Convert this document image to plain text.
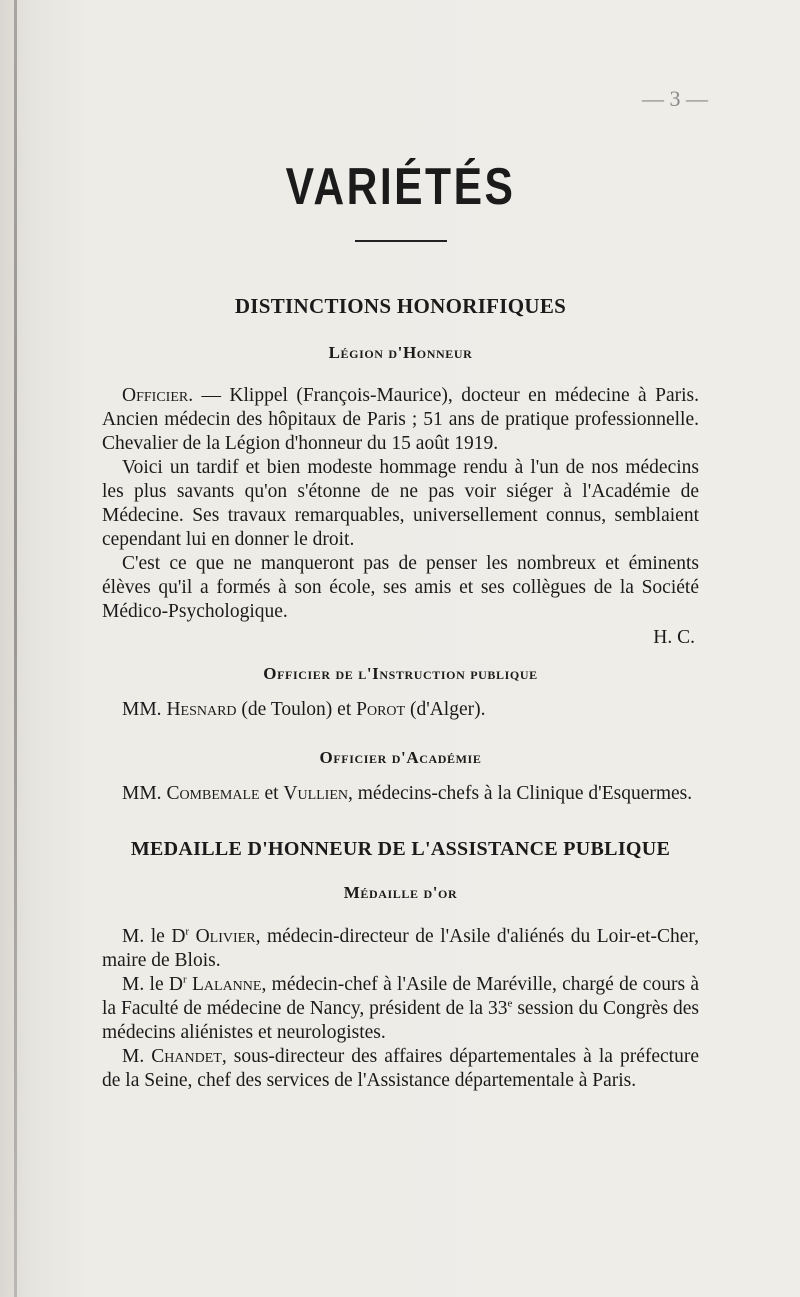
— 3 —
VARIÉTÉS
DISTINCTIONS HONORIFIQUES
Légion d'Honneur

Officier. — Klippel (François-Maurice), docteur en médecine à Paris. Ancien médecin des hôpitaux de Paris ; 51 ans de pratique professionnelle. Chevalier de la Légion d'honneur du 15 août 1919.

Voici un tardif et bien modeste hommage rendu à l'un de nos médecins les plus savants qu'on s'étonne de ne pas voir siéger à l'Académie de Médecine. Ses travaux remarquables, universellement connus, semblaient cependant lui en donner le droit.

C'est ce que ne manqueront pas de penser les nombreux et éminents élèves qu'il a formés à son école, ses amis et ses collègues de la Société Médico-Psychologique.

H. C.

Officier de l'Instruction publique

MM. Hesnard (de Toulon) et Porot (d'Alger).

Officier d'Académie

MM. Combemale et Vullien, médecins-chefs à la Clinique d'Esquermes.

MEDAILLE D'HONNEUR DE L'ASSISTANCE PUBLIQUE
Médaille d'or

M. le $D^r$ Olivier, médecin-directeur de l'Asile d'aliénés du Loir-et-Cher, maire de Blois.

M. le $D^r$ Lalanne, médecin-chef à l'Asile de Maréville, chargé de cours à la Faculté de médecine de Nancy, président de la 33e session du Congrès des médecins aliénistes et neurologistes.

M. Chandet, sous-directeur des affaires départementales à la préfecture de la Seine, chef des services de l'Assistance départementale à Paris.
